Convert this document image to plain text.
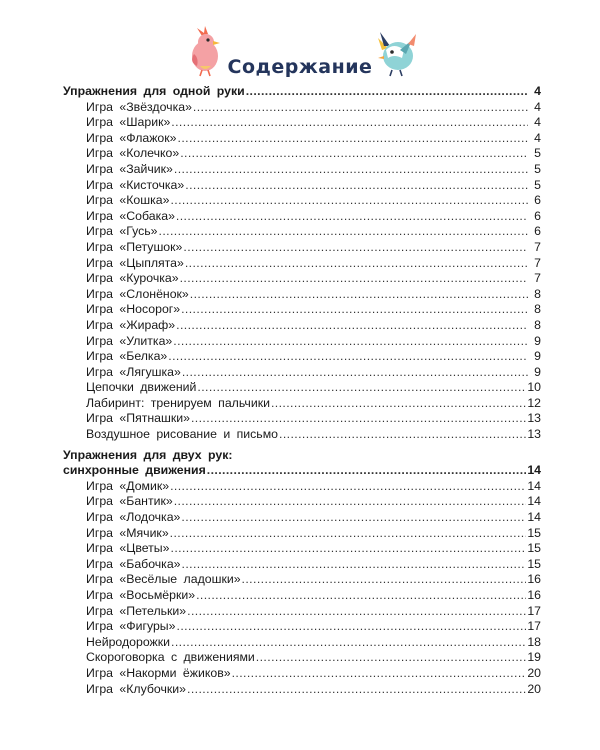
Содержание
Упражнения для одной руки .....	4
Игра «Звёздочка» .....	4
Игра «Шарик» .....	4
Игра «Флажок» .....	4
Игра «Колечко» .....	5
Игра «Зайчик» .....	5
Игра «Кисточка» .....	5
Игра «Кошка» .....	6
Игра «Собака» .....	6
Игра «Гусь» .....	6
Игра «Петушок» .....	7
Игра «Цыплята» .....	7
Игра «Курочка» .....	7
Игра «Слонёнок» .....	8
Игра «Носорог» .....	8
Игра «Жираф» .....	8
Игра «Улитка» .....	9
Игра «Белка» .....	9
Игра «Лягушка» .....	9
Цепочки движений .....	10
Лабиринт: тренируем пальчики .....	12
Игра «Пятнашки» .....	13
Воздушное рисование и письмо .....	13
Упражнения для двух рук:
синхронные движения .....	14
Игра «Домик» .....	14
Игра «Бантик» .....	14
Игра «Лодочка» .....	14
Игра «Мячик» .....	15
Игра «Цветы» .....	15
Игра «Бабочка» .....	15
Игра «Весёлые ладошки» .....	16
Игра «Восьмёрки» .....	16
Игра «Петельки» .....	17
Игра «Фигуры» .....	17
Нейродорожки .....	18
Скороговорка с движениями .....	19
Игра «Накорми ёжиков» .....	20
Игра «Клубочки» .....	20
